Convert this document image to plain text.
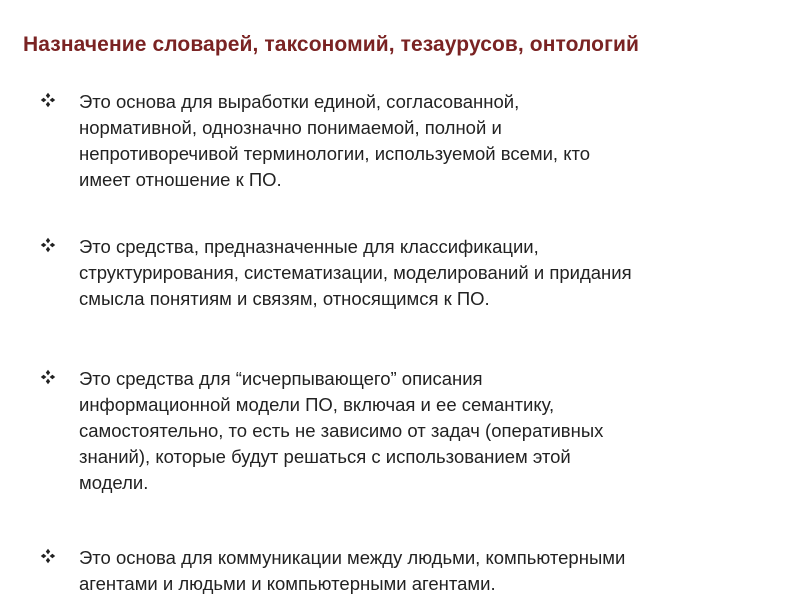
Назначение словарей, таксономий, тезаурусов, онтологий
Это основа для выработки единой, согласованной,
нормативной, однозначно понимаемой, полной и
непротиворечивой терминологии, используемой всеми, кто
имеет отношение к ПО.
Это средства, предназначенные для классификации,
структурирования, систематизации, моделирований и придания
смысла понятиям и связям, относящимся к ПО.
Это средства для “исчерпывающего” описания
информационной модели ПО, включая и ее семантику,
самостоятельно, то есть не зависимо от задач (оперативных
знаний), которые будут решаться с использованием этой
модели.
Это основа для коммуникации между людьми, компьютерными
агентами и людьми и компьютерными агентами.
